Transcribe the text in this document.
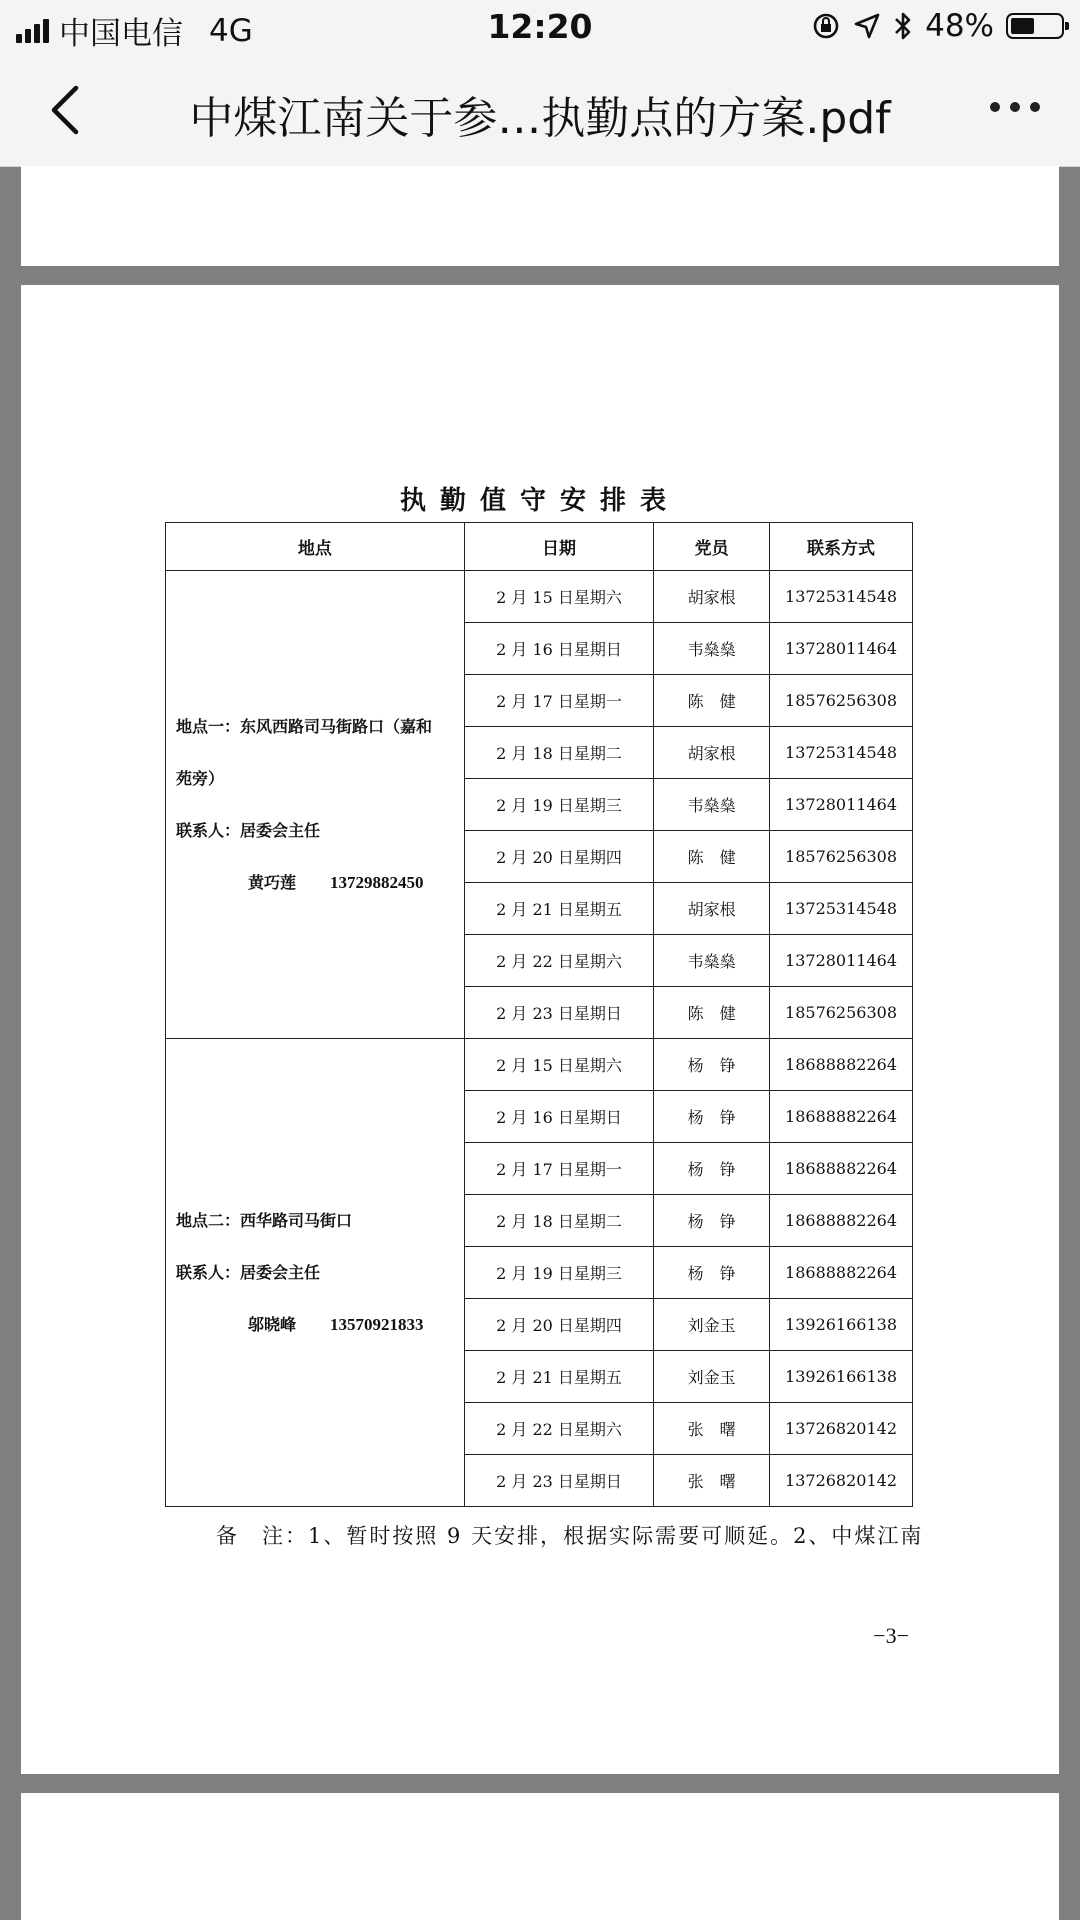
中国电信 4G	12:20	48%
中煤江南关于参…执勤点的方案.pdf
执勤值守安排表
地点	日期	党员	联系方式

地点一：东风西路司马街路口（嘉和
苑旁）
联系人：居委会主任
黄巧莲 13729882450	2 月 15 日星期六	胡家根	13725314548
	2 月 16 日星期日	韦燊燊	13728011464
	2 月 17 日星期一	陈　健	18576256308
	2 月 18 日星期二	胡家根	13725314548
	2 月 19 日星期三	韦燊燊	13728011464
	2 月 20 日星期四	陈　健	18576256308
	2 月 21 日星期五	胡家根	13725314548
	2 月 22 日星期六	韦燊燊	13728011464
	2 月 23 日星期日	陈　健	18576256308

地点二：西华路司马街口
联系人：居委会主任
邬晓峰 13570921833	2 月 15 日星期六	杨　铮	18688882264
	2 月 16 日星期日	杨　铮	18688882264
	2 月 17 日星期一	杨　铮	18688882264
	2 月 18 日星期二	杨　铮	18688882264
	2 月 19 日星期三	杨　铮	18688882264
	2 月 20 日星期四	刘金玉	13926166138
	2 月 21 日星期五	刘金玉	13926166138
	2 月 22 日星期六	张　曙	13726820142
	2 月 23 日星期日	张　曙	13726820142
备　注：1、暂时按照 9 天安排，根据实际需要可顺延。2、中煤江南
−3−
